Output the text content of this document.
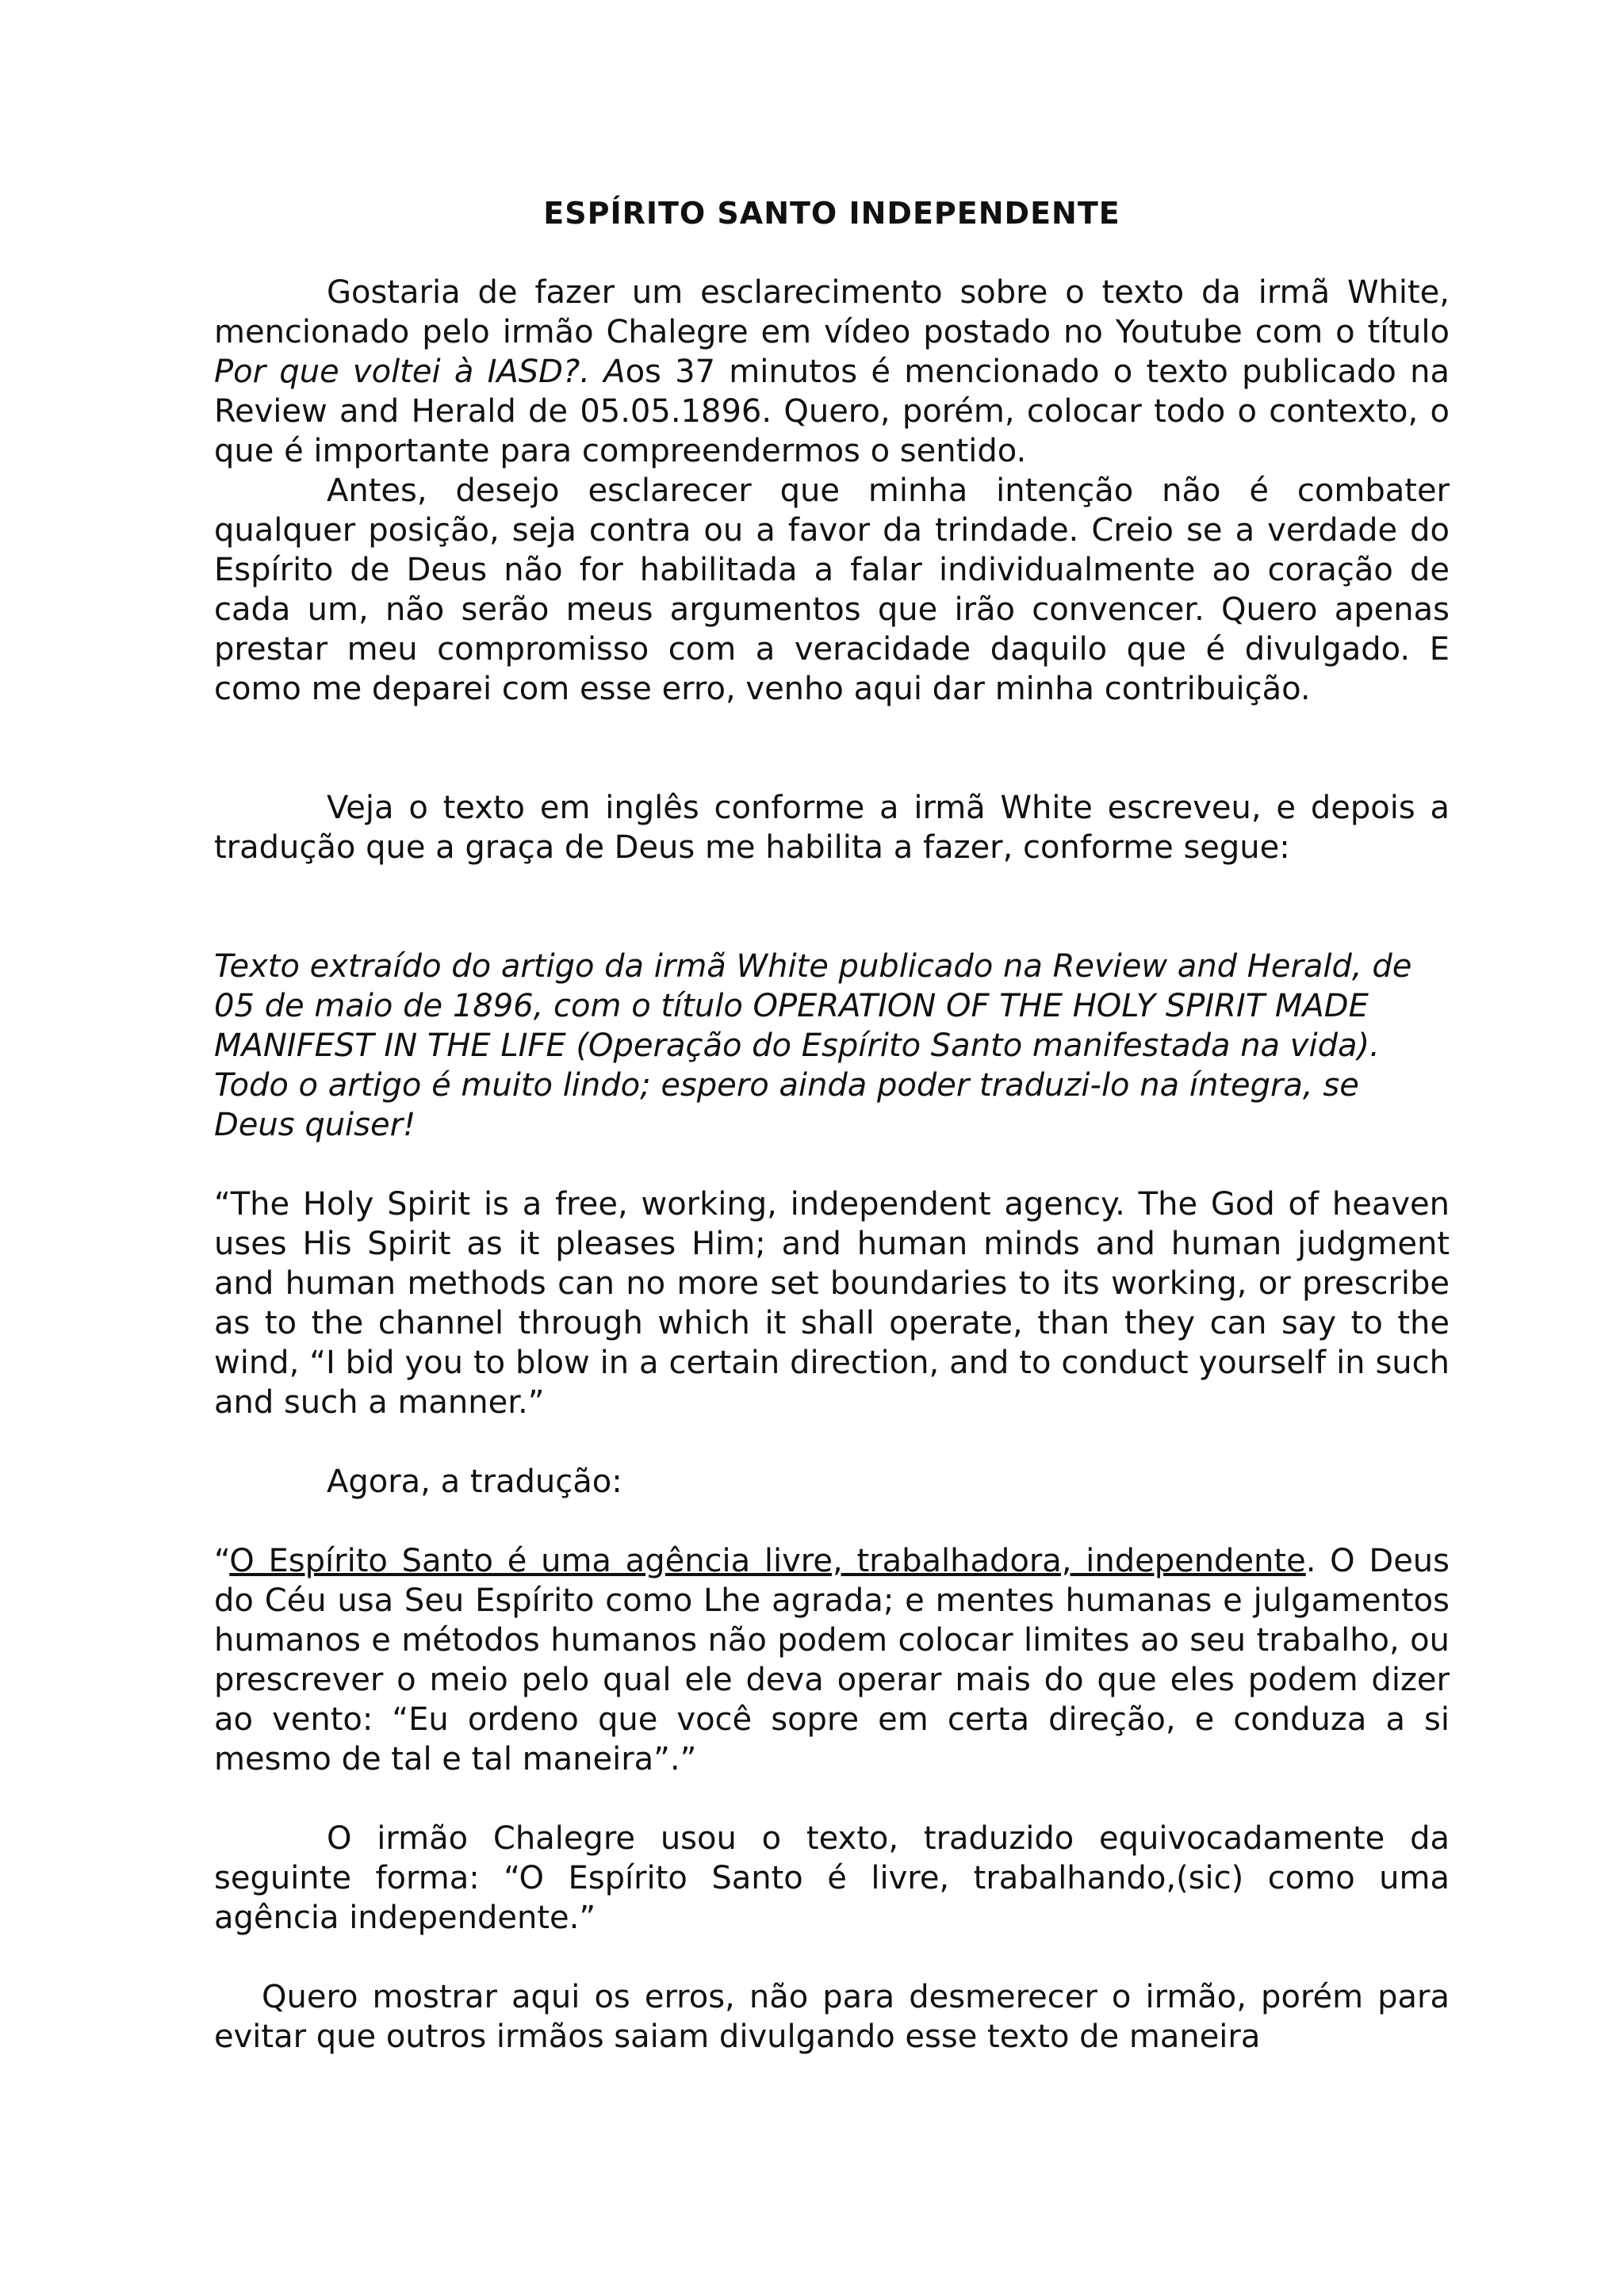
ESPÍRITO SANTO INDEPENDENTE

Gostaria de fazer um esclarecimento sobre o texto da irmã White, mencionado pelo irmão Chalegre em vídeo postado no Youtube com o título Por que voltei à IASD?. Aos 37 minutos é mencionado o texto publicado na Review and Herald de 05.05.1896. Quero, porém, colocar todo o contexto, o que é importante para compreendermos o sentido.

Antes, desejo esclarecer que minha intenção não é combater qualquer posição, seja contra ou a favor da trindade. Creio se a verdade do Espírito de Deus não for habilitada a falar individualmente ao coração de cada um, não serão meus argumentos que irão convencer. Quero apenas prestar meu compromisso com a veracidade daquilo que é divulgado. E como me deparei com esse erro, venho aqui dar minha contribuição.

Veja o texto em inglês conforme a irmã White escreveu, e depois a tradução que a graça de Deus me habilita a fazer, conforme segue:

Texto extraído do artigo da irmã White publicado na Review and Herald, de 05 de maio de 1896, com o título OPERATION OF THE HOLY SPIRIT MADE MANIFEST IN THE LIFE (Operação do Espírito Santo manifestada na vida). Todo o artigo é muito lindo; espero ainda poder traduzi-lo na íntegra, se Deus quiser!

“The Holy Spirit is a free, working, independent agency. The God of heaven uses His Spirit as it pleases Him; and human minds and human judgment and human methods can no more set boundaries to its working, or prescribe as to the channel through which it shall operate, than they can say to the wind, “I bid you to blow in a certain direction, and to conduct yourself in such and such a manner.”

Agora, a tradução:

“O Espírito Santo é uma agência livre, trabalhadora, independente. O Deus do Céu usa Seu Espírito como Lhe agrada; e mentes humanas e julgamentos humanos e métodos humanos não podem colocar limites ao seu trabalho, ou prescrever o meio pelo qual ele deva operar mais do que eles podem dizer ao vento: “Eu ordeno que você sopre em certa direção, e conduza a si mesmo de tal e tal maneira”.”

O irmão Chalegre usou o texto, traduzido equivocadamente da seguinte forma: “O Espírito Santo é livre, trabalhando,(sic) como uma agência independente.”

Quero mostrar aqui os erros, não para desmerecer o irmão, porém para evitar que outros irmãos saiam divulgando esse texto de maneira
